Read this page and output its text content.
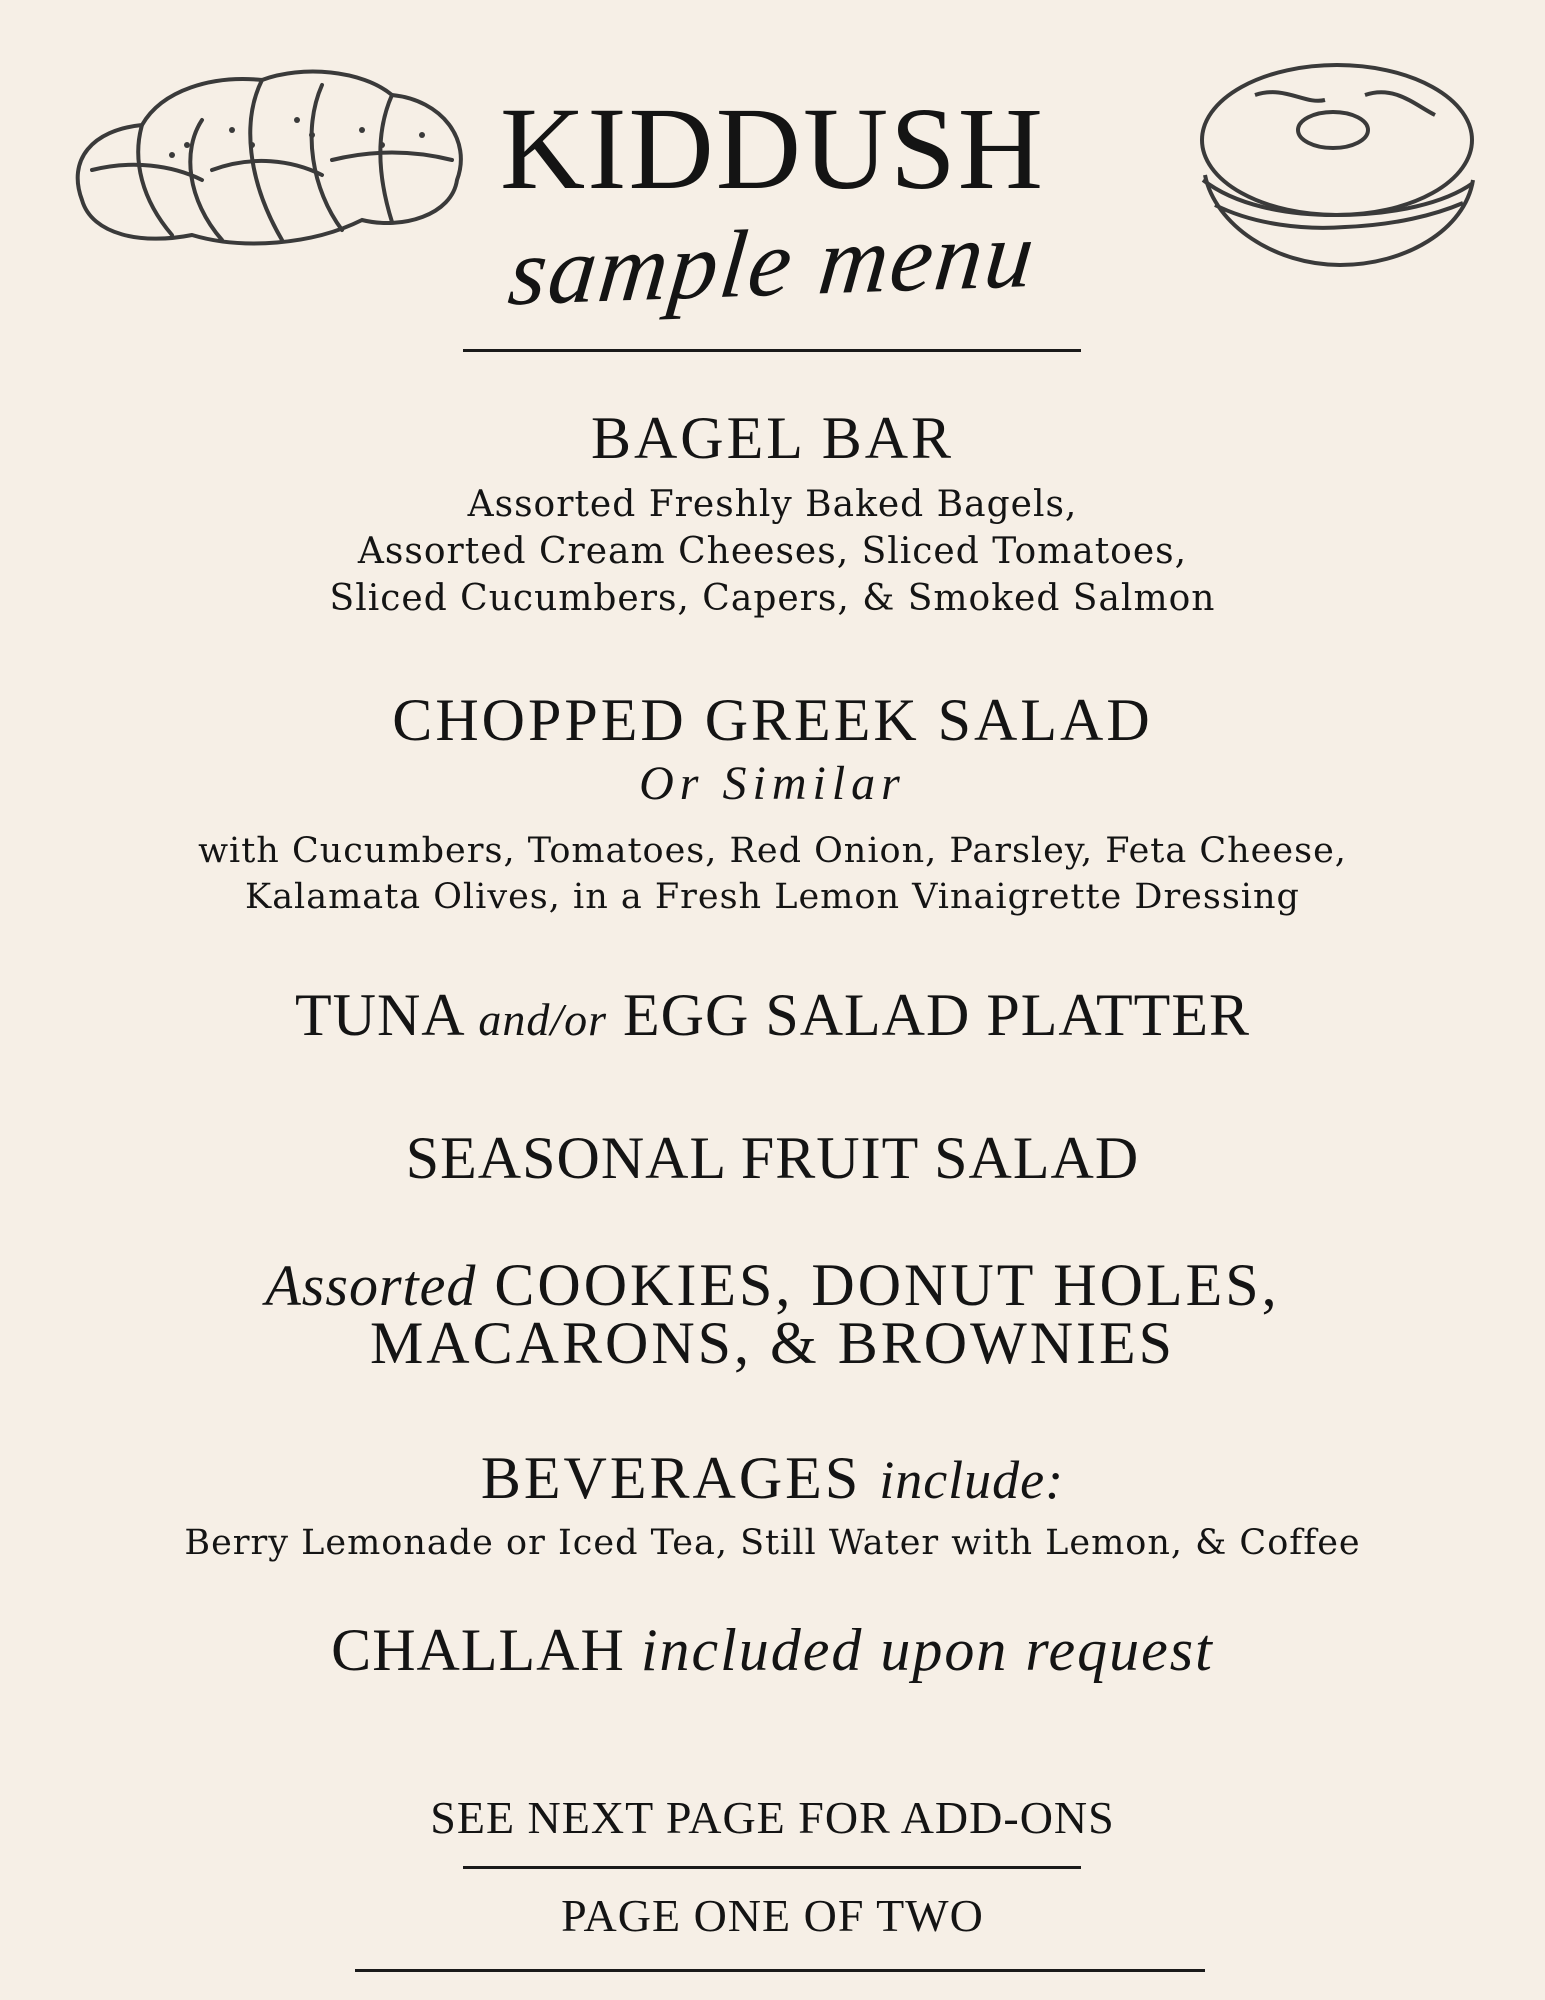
KIDDUSH
sample menu
BAGEL BAR
Assorted Freshly Baked Bagels,
Assorted Cream Cheeses, Sliced Tomatoes,
Sliced Cucumbers, Capers, & Smoked Salmon
CHOPPED GREEK SALAD
Or Similar
with Cucumbers, Tomatoes, Red Onion, Parsley, Feta Cheese,
Kalamata Olives, in a Fresh Lemon Vinaigrette Dressing
TUNA and/or EGG SALAD PLATTER
SEASONAL FRUIT SALAD
Assorted COOKIES, DONUT HOLES,
MACARONS, & BROWNIES
BEVERAGES include:
Berry Lemonade or Iced Tea, Still Water with Lemon, & Coffee
CHALLAH included upon request
SEE NEXT PAGE FOR ADD-ONS
PAGE ONE OF TWO
